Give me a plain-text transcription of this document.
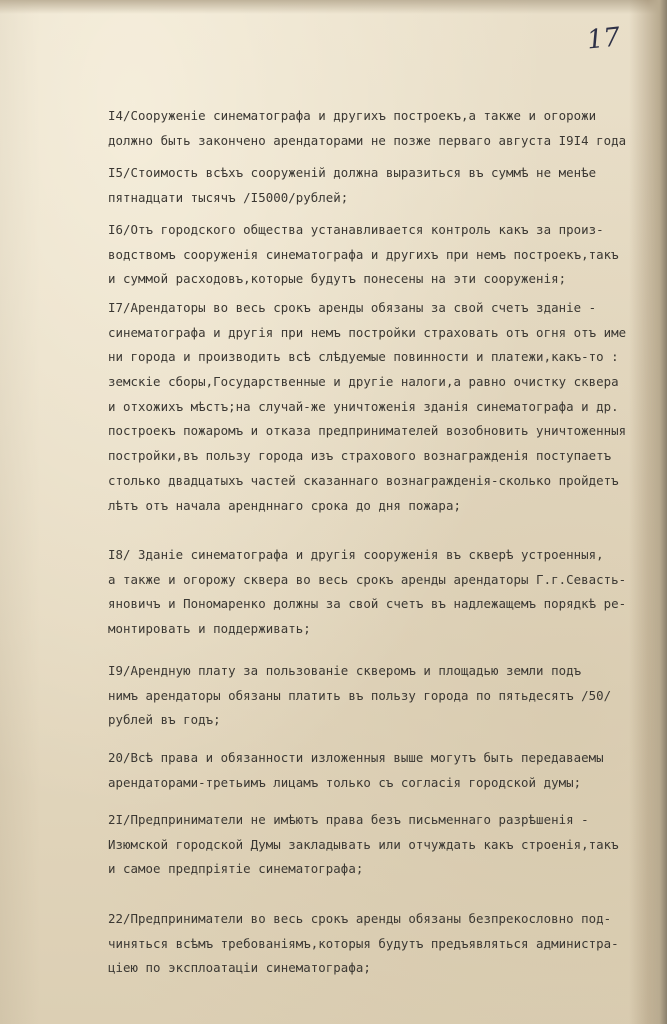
17
I4/Сооруженie синематографа и другихъ построекъ,а также и огорожи
должно быть закончено арендаторами не позже перваго августа I9I4 года
I5/Стоимость всѣхъ сооруженiй должна выразиться въ суммѣ не менѣе
пятнадцати тысячъ /I5000/рублей;
I6/Отъ городского общества устанавливается контроль какъ за произ-
водствомъ сооруженiя синематографа и другихъ при немъ построекъ,такъ
и суммой расходовъ,которые будутъ понесены на эти сооруженiя;
I7/Арендаторы во весь срокъ аренды обязаны за свой счетъ зданie -
синематографа и другiя при немъ постройки страховать отъ огня отъ име
ни города и производить всѣ слѣдуемые повинности и платежи,какъ-то :
земскiе сборы,Государственные и другiе налоги,а равно очистку сквера
и отхожихъ мѣстъ;на случай-же уничтоженiя зданiя синематографа и др.
построекъ пожаромъ и отказа предпринимателей возобновить уничтоженныя
постройки,въ пользу города изъ страхового вознагражденiя поступаетъ
столько двадцатыхъ частей сказаннаго вознагражденiя-сколько пройдетъ
лѣтъ отъ начала арендннаго срока до дня пожара;
I8/ Зданie синематографа и другiя сооруженiя въ скверѣ устроенныя,
а также и огорожу сквера во весь срокъ аренды арендаторы Г.г.Севасть-
яновичъ и Пономаренко должны за свой счетъ въ надлежащемъ порядкѣ ре-
монтировать и поддерживать;
I9/Арендную плату за пользованie скверомъ и площадью земли подъ
нимъ арендаторы обязаны платить въ пользу города по пятьдесятъ /50/
рублей въ годъ;
20/Всѣ права и обязанности изложенныя выше могутъ быть передаваемы
арендаторами-третьимъ лицамъ только съ согласiя городской думы;
2I/Предприниматели не имѣютъ права безъ письменнаго разрѣшенiя -
Изюмской городской Думы закладывать или отчуждать какъ строенiя,такъ
и самое предпрiятie синематографа;
22/Предприниматели во весь срокъ аренды обязаны безпрекословно под-
чиняться всѣмъ требованiямъ,которыя будутъ предъявляться администра-
цiею по эксплоатацiи синематографа;
